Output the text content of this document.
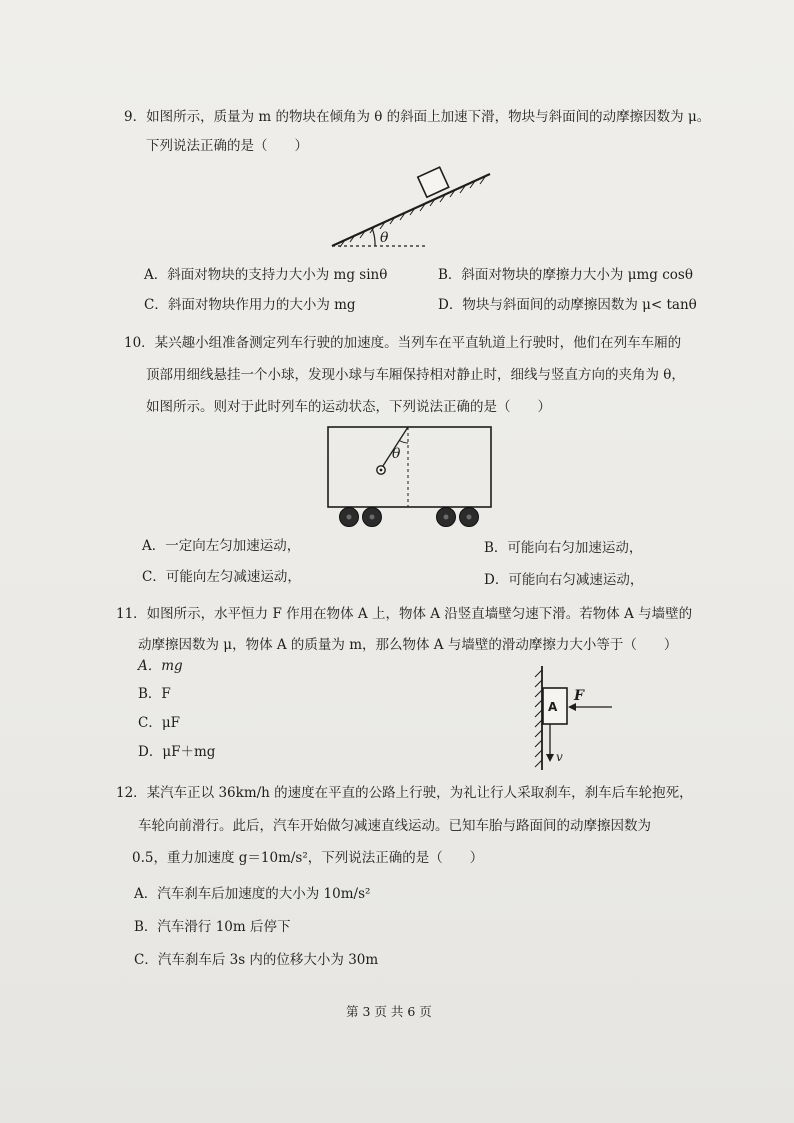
9．如图所示，质量为 m 的物块在倾角为 θ 的斜面上加速下滑，物块与斜面间的动摩擦因数为 μ。
下列说法正确的是（　　）
θ
A．斜面对物块的支持力大小为 mg sinθ	B．斜面对物块的摩擦力大小为 μmg cosθ
C．斜面对物块作用力的大小为 mg	D．物块与斜面间的动摩擦因数为 μ< tanθ
10．某兴趣小组准备测定列车行驶的加速度。当列车在平直轨道上行驶时，他们在列车车厢的
顶部用细线悬挂一个小球，发现小球与车厢保持相对静止时，细线与竖直方向的夹角为 θ，
如图所示。则对于此时列车的运动状态，下列说法正确的是（　　）
θ
A．一定向左匀加速运动，	B．可能向右匀加速运动，
C．可能向左匀减速运动，	D．可能向右匀减速运动，
11．如图所示，水平恒力 F 作用在物体 A 上，物体 A 沿竖直墙壁匀速下滑。若物体 A 与墙壁的
动摩擦因数为 μ，物体 A 的质量为 m，那么物体 A 与墙壁的滑动摩擦力大小等于（　　）
A．mg
B．F
C．μF
D．μF＋mg
A
F
v
12．某汽车正以 36km/h 的速度在平直的公路上行驶，为礼让行人采取刹车，刹车后车轮抱死，
车轮向前滑行。此后，汽车开始做匀减速直线运动。已知车胎与路面间的动摩擦因数为
0.5，重力加速度 g＝10m/s²，下列说法正确的是（　　）
A．汽车刹车后加速度的大小为 10m/s²
B．汽车滑行 10m 后停下
C．汽车刹车后 3s 内的位移大小为 30m
第 3 页 共 6 页
